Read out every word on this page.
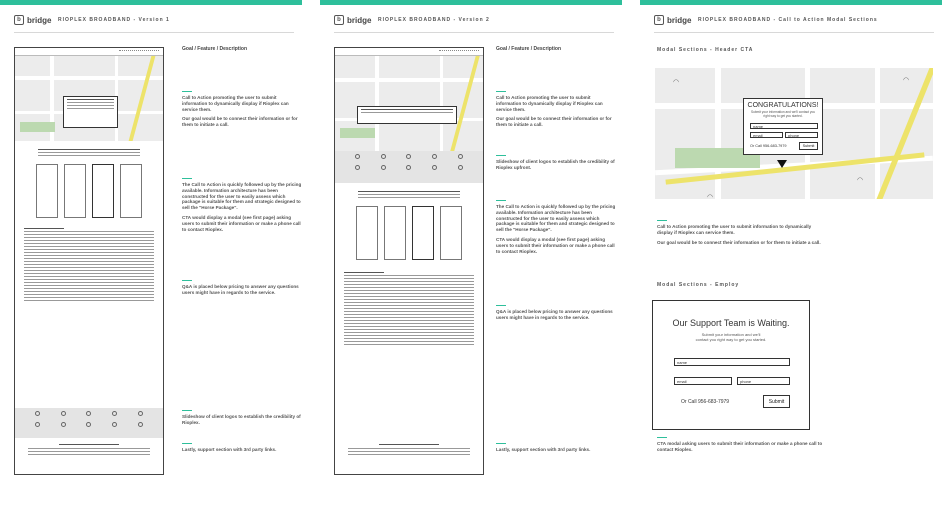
b bridge RIOPLEX BROADBAND - Version 1
Goal / Feature / Description

Call to Action promoting the user to submit information to dynamically display if Rioplex can service them.

Our goal would be to connect their information or for them to initiate a call.

The Call to Action is quickly followed up by the pricing available. Information architecture has been constructed for the user to easily assess which package is suitable for them and strategic designed to sell the "Horse Package".

CTA would display a modal (see first page) asking users to submit their information or make a phone call to contact Rioplex.

Q&A is placed below pricing to answer any questions users might have in regards to the service.

Slideshow of client logos to establish the credibility of Rioplex.

Lastly, support section with 3rd party links.

b bridge RIOPLEX BROADBAND - Version 2
Goal / Feature / Description

Call to Action promoting the user to submit information to dynamically display if Rioplex can service them.

Our goal would be to connect their information or for them to initiate a call.

Slideshow of client logos to establish the credibility of Rioplex upfront.

The Call to Action is quickly followed up by the pricing available. Information architecture has been constructed for the user to easily assess which package is suitable for them and strategic designed to sell the "Horse Package".

CTA would display a modal (see first page) asking users to submit their information or make a phone call to contact Rioplex.

Q&A is placed below pricing to answer any questions users might have in regards to the service.

Lastly, support section with 3rd party links.

b bridge RIOPLEX BROADBAND - Call to Action Modal Sections
Modal Sections - Header CTA
◠	◠
◠
◠
CONGRATULATIONS!
Submit your information and we'll contact you right way to get you started.
name
email	phone
Or Call 956-683-7979	Submit

Call to Action promoting the user to submit information to dynamically display if Rioplex can service them.

Our goal would be to connect their information or for them to initiate a call.

Modal Sections - Employ
Our Support Team is Waiting.
Submit your information and we'll contact you right way to get you started.
name
email	phone
Or Call 956-683-7979	Submit

CTA modal asking users to submit their information or make a phone call to contact Rioplex.
